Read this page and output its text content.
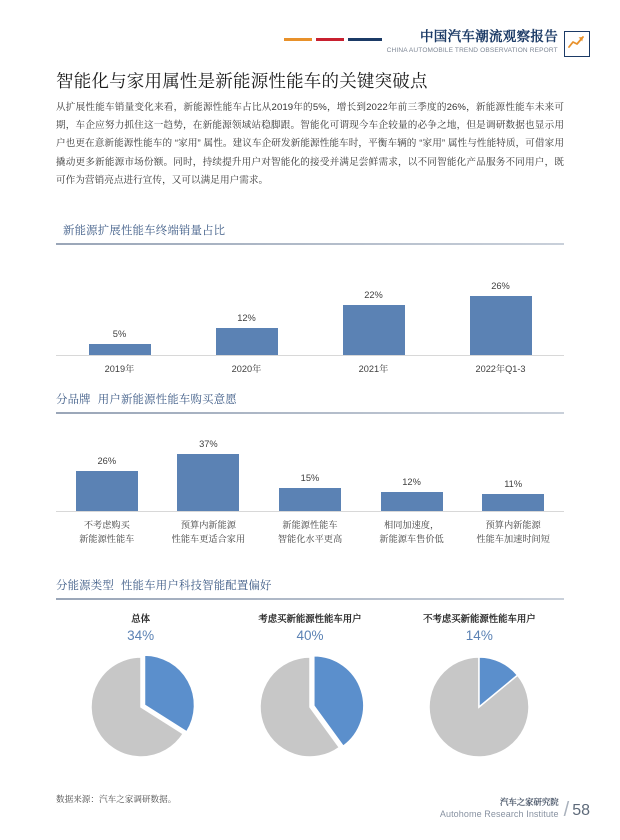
中国汽车潮流观察报告
CHINA AUTOMOBILE TREND OBSERVATION REPORT
智能化与家用属性是新能源性能车的关键突破点
从扩展性能车销量变化来看，新能源性能车占比从2019年的5%，增长到2022年前三季度的26%，新能源性能车未来可期，车企应努力抓住这一趋势，在新能源领域站稳脚跟。智能化可谓现今车企较量的必争之地，但是调研数据也显示用户也更在意新能源性能车的 “家用” 属性。建议车企研发新能源性能车时，平衡车辆的 “家用” 属性与性能特质，可借家用撬动更多新能源市场份额。同时，持续提升用户对智能化的接受并满足尝鲜需求，以不同智能化产品服务不同用户，既可作为营销亮点进行宣传，又可以满足用户需求。
新能源扩展性能车终端销量占比
5%
12%
22%
26%
2019年	2020年	2021年	2022年Q1-3
分品牌 用户新能源性能车购买意愿
26%
37%
15%	12%	11%
不考虑购买
新能源性能车
预算内新能源
性能车更适合家用
新能源性能车
智能化水平更高
相同加速度，
新能源车售价低
预算内新能源
性能车加速时间短
分能源类型 性能车用户科技智能配置偏好
总体
34%
考虑买新能源性能车用户
40%
不考虑买新能源性能车用户
14%
数据来源：汽车之家调研数据。	汽车之家研究院
Autohome Research Institute / 58
